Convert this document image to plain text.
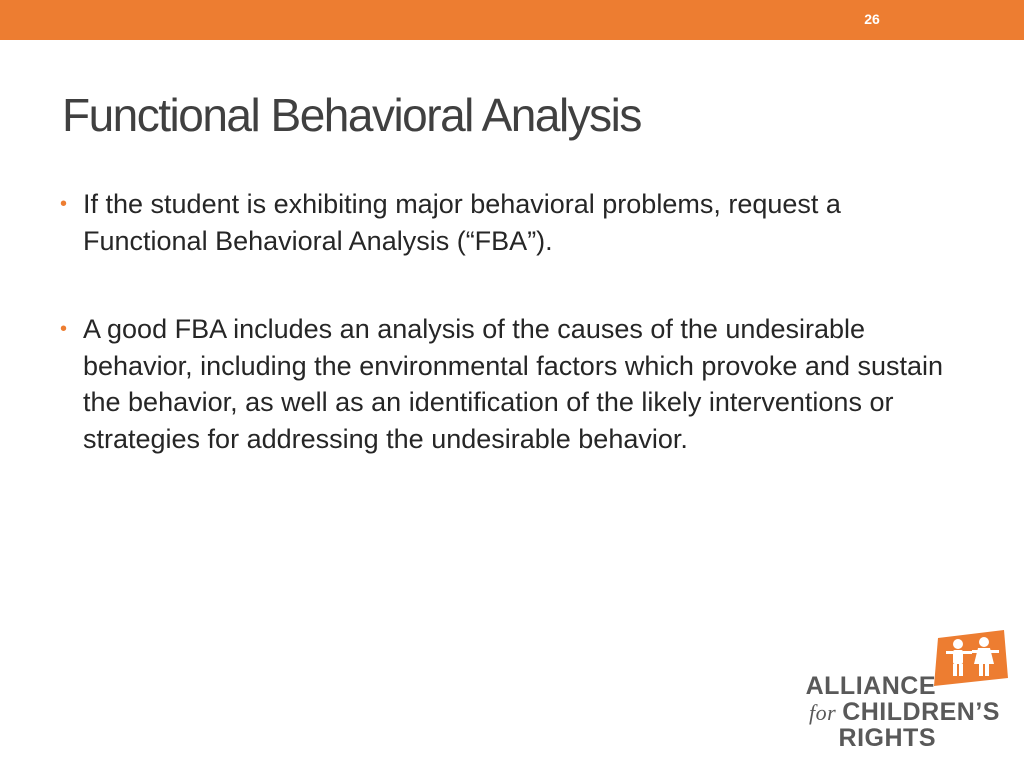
26
Functional Behavioral Analysis
• If the student is exhibiting major behavioral problems, request a Functional Behavioral Analysis (“FBA”).
• A good FBA includes an analysis of the causes of the undesirable behavior, including the environmental factors which provoke and sustain the behavior, as well as an identification of the likely interventions or strategies for addressing the undesirable behavior.
ALLIANCE
for CHILDREN’S
RIGHTS
